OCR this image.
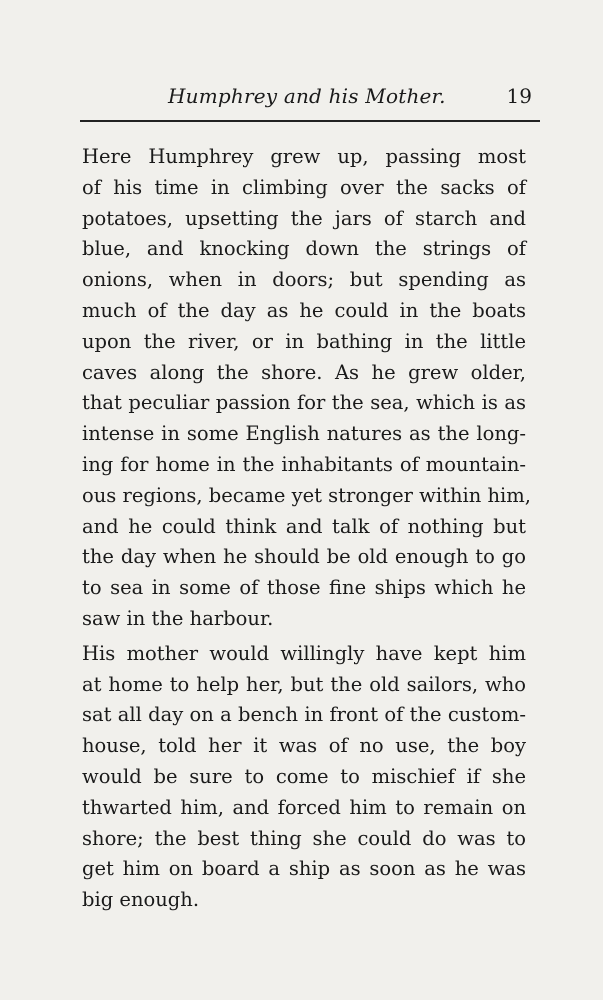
Humphrey and his Mother.	19
Here Humphrey grew up, passing most
of his time in climbing over the sacks of
potatoes, upsetting the jars of starch and
blue, and knocking down the strings of
onions, when in doors; but spending as
much of the day as he could in the boats
upon the river, or in bathing in the little
caves along the shore. As he grew older,
that peculiar passion for the sea, which is as
intense in some English natures as the long-
ing for home in the inhabitants of mountain-
ous regions, became yet stronger within him,
and he could think and talk of nothing but
the day when he should be old enough to go
to sea in some of those fine ships which he
saw in the harbour.
His mother would willingly have kept him
at home to help her, but the old sailors, who
sat all day on a bench in front of the custom-
house, told her it was of no use, the boy
would be sure to come to mischief if she
thwarted him, and forced him to remain on
shore; the best thing she could do was to
get him on board a ship as soon as he was
big enough.
